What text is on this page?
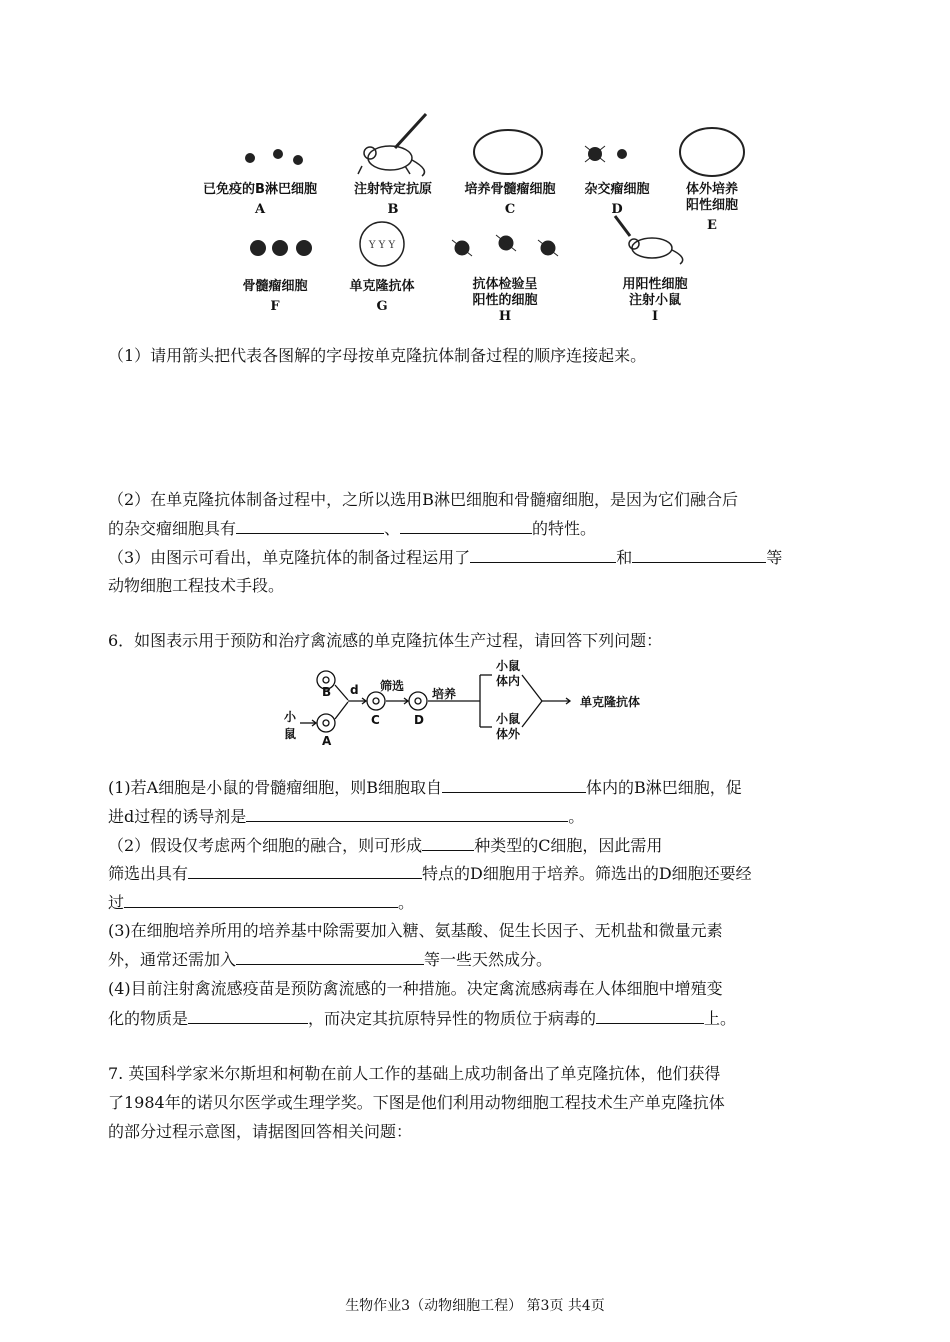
Y Y Y
已免疫的B淋巴细胞
A
注射特定抗原
B
培养骨髓瘤细胞
C
杂交瘤细胞
D
体外培养
阳性细胞
E
骨髓瘤细胞
F
单克隆抗体
G
抗体检验呈
阳性的细胞
H
用阳性细胞
注射小鼠
I
（1）请用箭头把代表各图解的字母按单克隆抗体制备过程的顺序连接起来。
（2）在单克隆抗体制备过程中，之所以选用B淋巴细胞和骨髓瘤细胞，是因为它们融合后
的杂交瘤细胞具有	、	的特性。
（3）由图示可看出，单克隆抗体的制备过程运用了	和	等
动物细胞工程技术手段。
6．如图表示用于预防和治疗禽流感的单克隆抗体生产过程，请回答下列问题：
B
A
d
C	D
小
鼠
筛选
培养
小鼠
体内
小鼠
体外
单克隆抗体
(1)若A细胞是小鼠的骨髓瘤细胞，则B细胞取自	体内的B淋巴细胞，促
进d过程的诱导剂是	。
（2）假设仅考虑两个细胞的融合，则可形成	种类型的C细胞，因此需用
筛选出具有	特点的D细胞用于培养。筛选出的D细胞还要经
过	。
(3)在细胞培养所用的培养基中除需要加入糖、氨基酸、促生长因子、无机盐和微量元素
外，通常还需加入	等一些天然成分。
(4)目前注射禽流感疫苗是预防禽流感的一种措施。决定禽流感病毒在人体细胞中增殖变
化的物质是	，而决定其抗原特异性的物质位于病毒的	上。
7. 英国科学家米尔斯坦和柯勒在前人工作的基础上成功制备出了单克隆抗体，他们获得
了1984年的诺贝尔医学或生理学奖。下图是他们利用动物细胞工程技术生产单克隆抗体
的部分过程示意图，请据图回答相关问题：
生物作业3（动物细胞工程） 第3页 共4页
